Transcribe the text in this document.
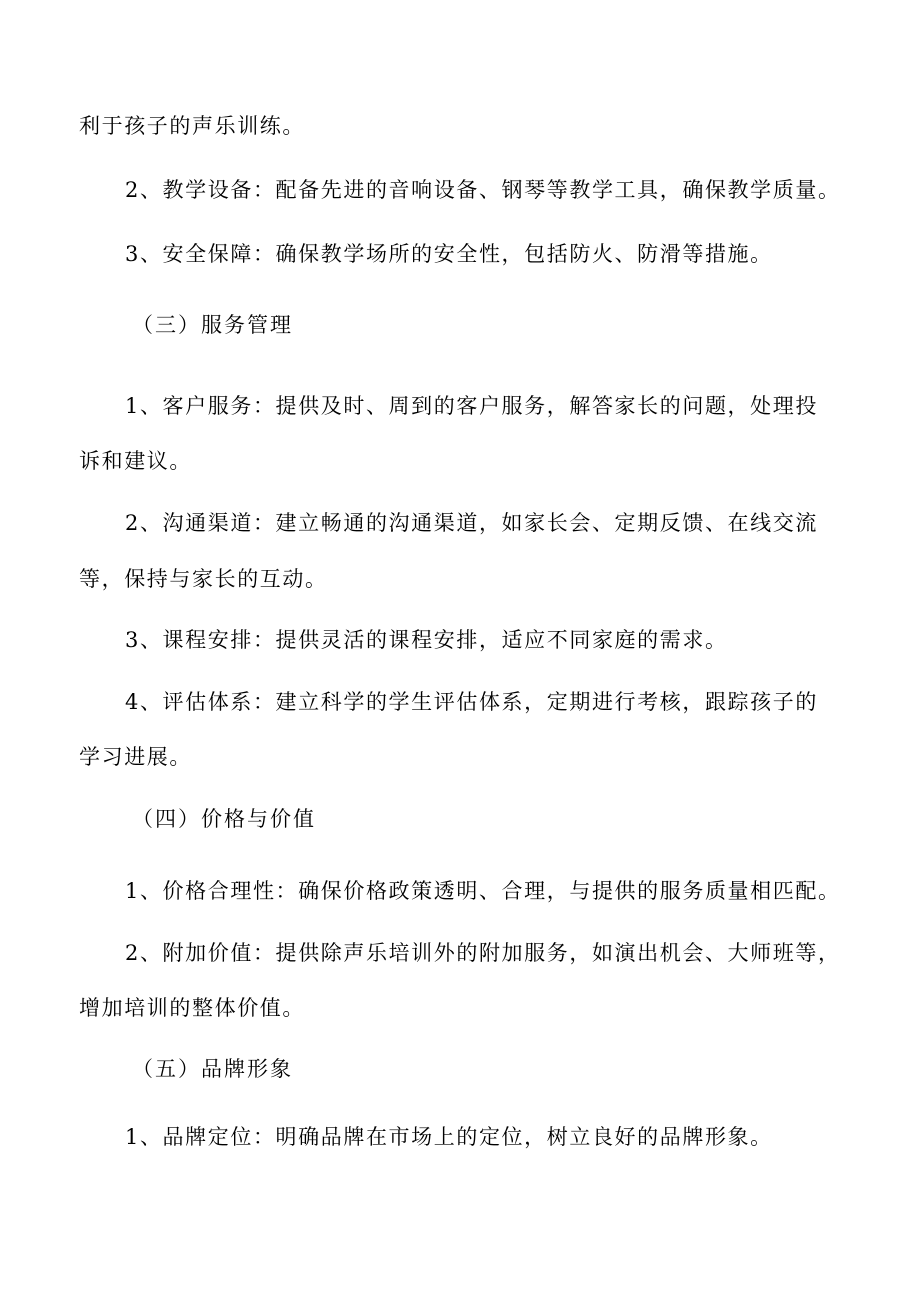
利于孩子的声乐训练。
2、教学设备：配备先进的音响设备、钢琴等教学工具，确保教学质量。
3、安全保障：确保教学场所的安全性，包括防火、防滑等措施。
（三）服务管理
1、客户服务：提供及时、周到的客户服务，解答家长的问题，处理投
诉和建议。
2、沟通渠道：建立畅通的沟通渠道，如家长会、定期反馈、在线交流
等，保持与家长的互动。
3、课程安排：提供灵活的课程安排，适应不同家庭的需求。
4、评估体系：建立科学的学生评估体系，定期进行考核，跟踪孩子的
学习进展。
（四）价格与价值
1、价格合理性：确保价格政策透明、合理，与提供的服务质量相匹配。
2、附加价值：提供除声乐培训外的附加服务，如演出机会、大师班等，
增加培训的整体价值。
（五）品牌形象
1、品牌定位：明确品牌在市场上的定位，树立良好的品牌形象。
